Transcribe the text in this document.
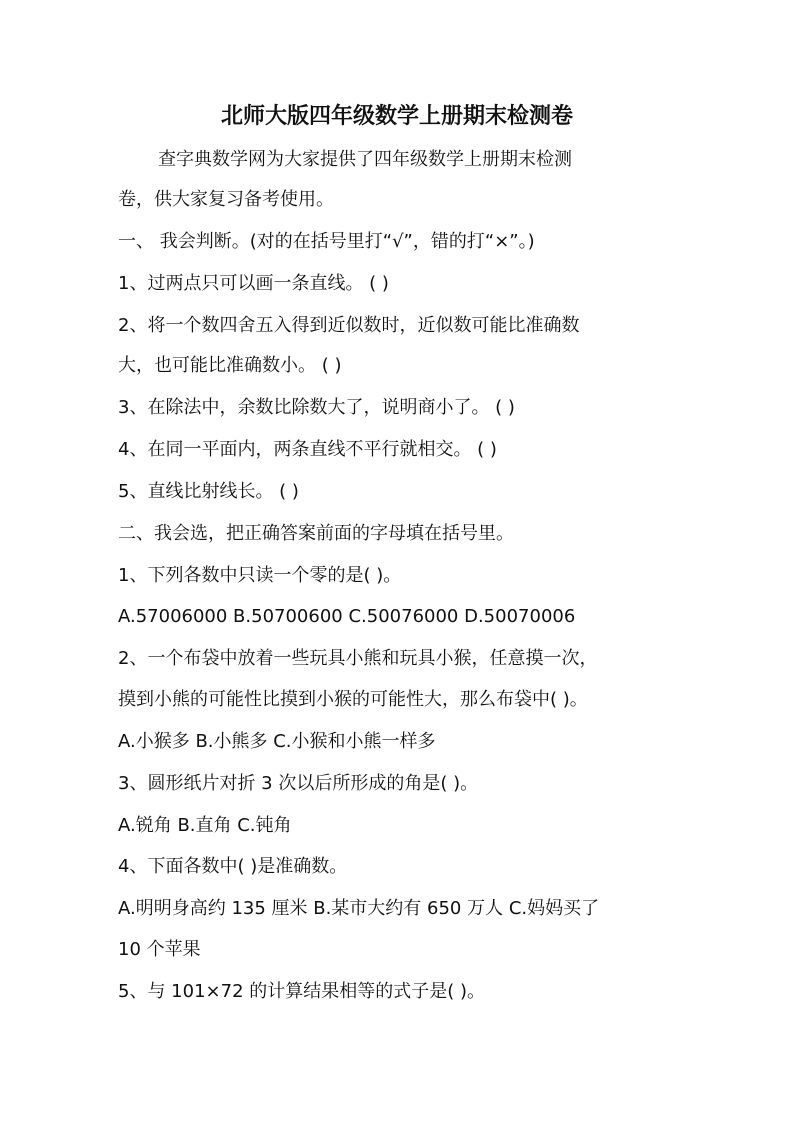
北师大版四年级数学上册期末检测卷
查字典数学网为大家提供了四年级数学上册期末检测
卷，供大家复习备考使用。
一、 我会判断。(对的在括号里打“√”，错的打“×”。)
1、过两点只可以画一条直线。 ( )
2、将一个数四舍五入得到近似数时，近似数可能比准确数
大，也可能比准确数小。 ( )
3、在除法中，余数比除数大了，说明商小了。 ( )
4、在同一平面内，两条直线不平行就相交。 ( )
5、直线比射线长。 ( )
二、我会选，把正确答案前面的字母填在括号里。
1、下列各数中只读一个零的是( )。
A.57006000 B.50700600 C.50076000 D.50070006
2、一个布袋中放着一些玩具小熊和玩具小猴，任意摸一次，
摸到小熊的可能性比摸到小猴的可能性大，那么布袋中( )。
A.小猴多 B.小熊多 C.小猴和小熊一样多
3、圆形纸片对折 3 次以后所形成的角是( )。
A.锐角 B.直角 C.钝角
4、下面各数中( )是准确数。
A.明明身高约 135 厘米 B.某市大约有 650 万人 C.妈妈买了
10 个苹果
5、与 101×72 的计算结果相等的式子是( )。
